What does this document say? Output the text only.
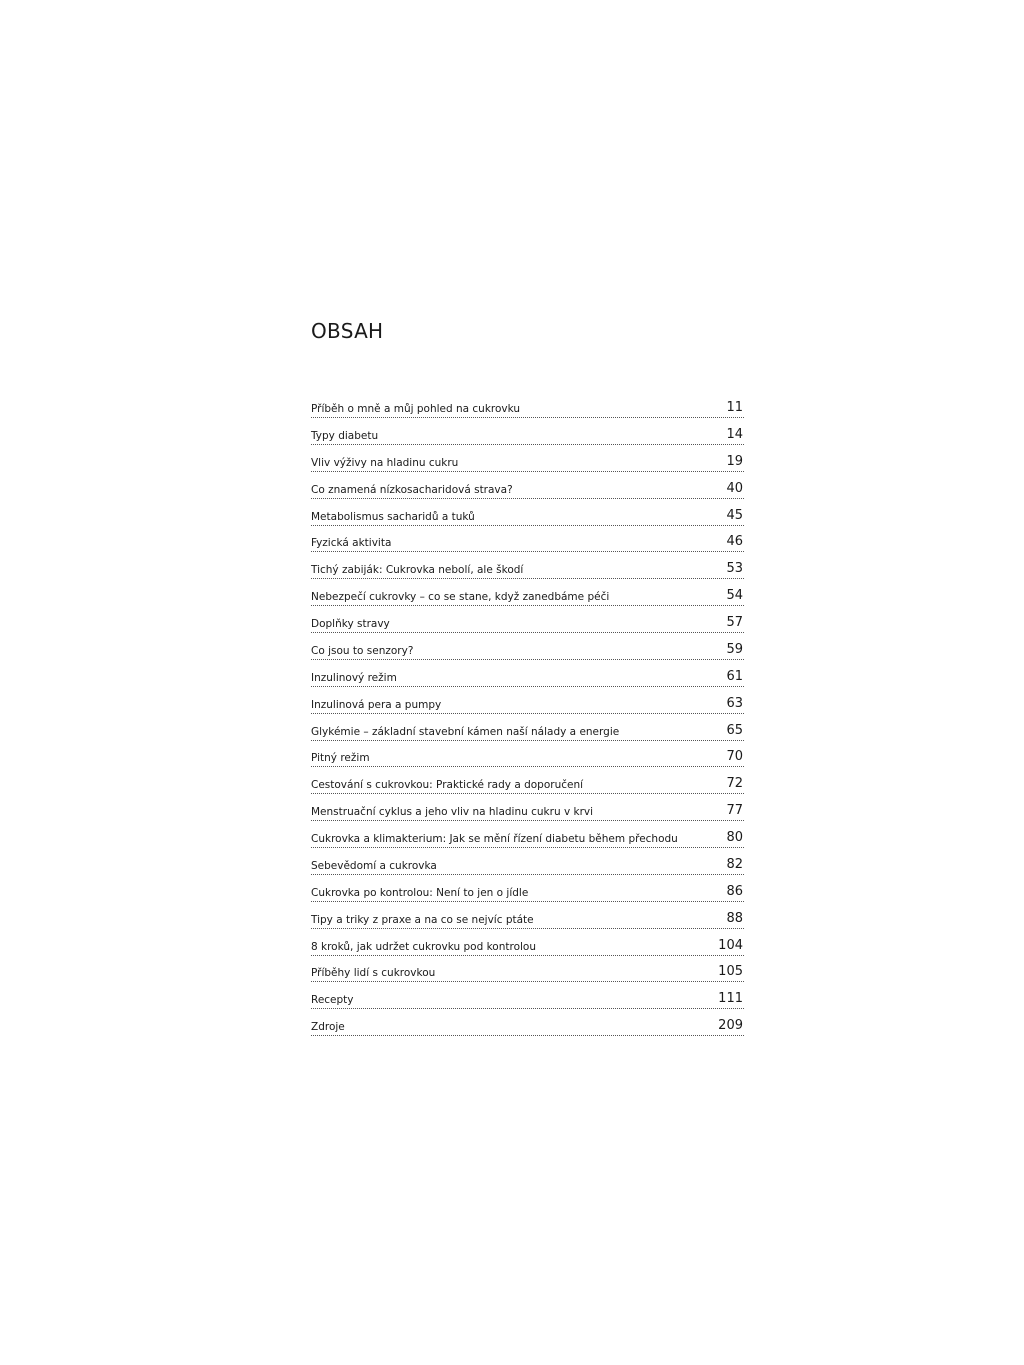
OBSAH
Příběh o mně a můj pohled na cukrovku	11
Typy diabetu	14
Vliv výživy na hladinu cukru	19
Co znamená nízkosacharidová strava?	40
Metabolismus sacharidů a tuků	45
Fyzická aktivita	46
Tichý zabiják: Cukrovka nebolí, ale škodí	53
Nebezpečí cukrovky – co se stane, když zanedbáme péči	54
Doplňky stravy	57
Co jsou to senzory?	59
Inzulinový režim	61
Inzulinová pera a pumpy	63
Glykémie – základní stavební kámen naší nálady a energie	65
Pitný režim	70
Cestování s cukrovkou: Praktické rady a doporučení	72
Menstruační cyklus a jeho vliv na hladinu cukru v krvi	77
Cukrovka a klimakterium: Jak se mění řízení diabetu během přechodu	80
Sebevědomí a cukrovka	82
Cukrovka po kontrolou: Není to jen o jídle	86
Tipy a triky z praxe a na co se nejvíc ptáte	88
8 kroků, jak udržet cukrovku pod kontrolou	104
Příběhy lidí s cukrovkou	105
Recepty	111
Zdroje	209
